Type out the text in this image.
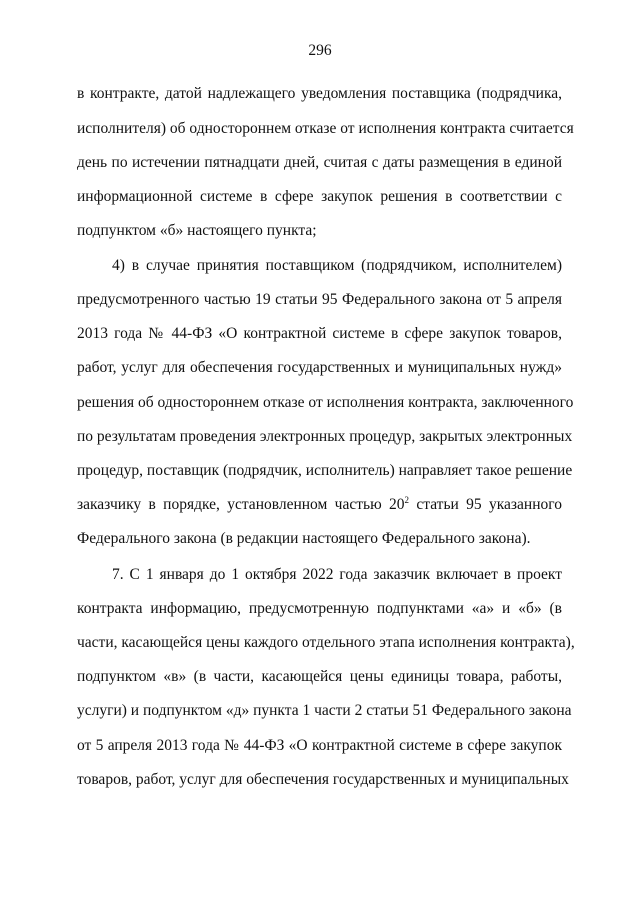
296
в контракте, датой надлежащего уведомления поставщика (подрядчика,
исполнителя) об одностороннем отказе от исполнения контракта считается
день по истечении пятнадцати дней, считая с даты размещения в единой
информационной системе в сфере закупок решения в соответствии с
подпунктом «б» настоящего пункта;
4) в случае принятия поставщиком (подрядчиком, исполнителем)
предусмотренного частью 19 статьи 95 Федерального закона от 5 апреля
2013 года № 44-ФЗ «О контрактной системе в сфере закупок товаров,
работ, услуг для обеспечения государственных и муниципальных нужд»
решения об одностороннем отказе от исполнения контракта, заключенного
по результатам проведения электронных процедур, закрытых электронных
процедур, поставщик (подрядчик, исполнитель) направляет такое решение
заказчику в порядке, установленном частью $20^2$ статьи 95 указанного
Федерального закона (в редакции настоящего Федерального закона).
7. С 1 января до 1 октября 2022 года заказчик включает в проект
контракта информацию, предусмотренную подпунктами «а» и «б» (в
части, касающейся цены каждого отдельного этапа исполнения контракта),
подпунктом «в» (в части, касающейся цены единицы товара, работы,
услуги) и подпунктом «д» пункта 1 части 2 статьи 51 Федерального закона
от 5 апреля 2013 года № 44-ФЗ «О контрактной системе в сфере закупок
товаров, работ, услуг для обеспечения государственных и муниципальных
